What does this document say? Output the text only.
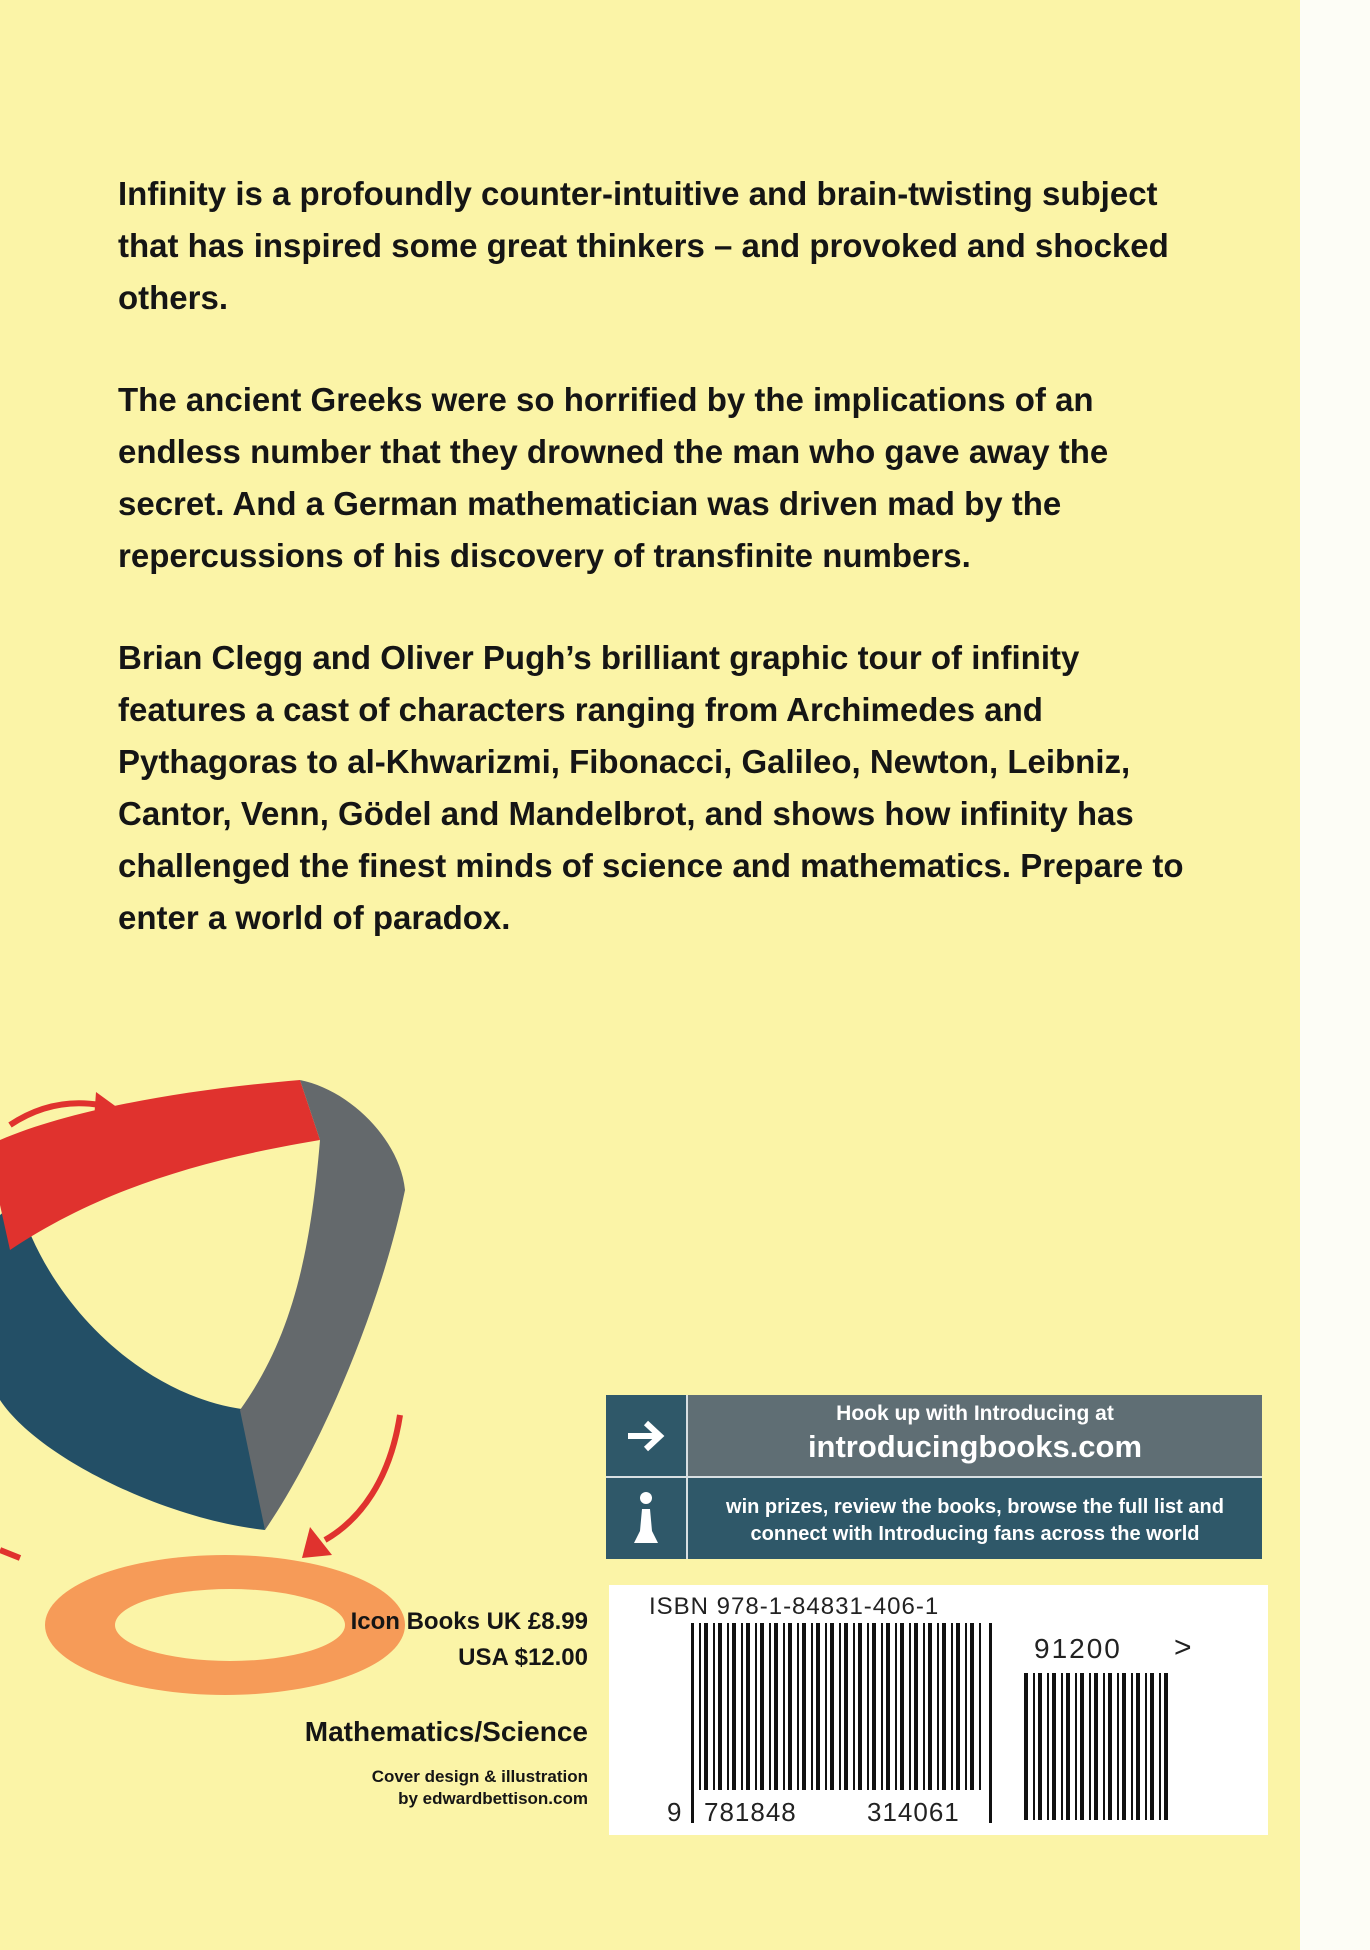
Infinity is a profoundly counter-intuitive and brain-twisting subject that has inspired some great thinkers – and provoked and shocked others.

The ancient Greeks were so horrified by the implications of an endless number that they drowned the man who gave away the secret. And a German mathematician was driven mad by the repercussions of his discovery of transfinite numbers.

Brian Clegg and Oliver Pugh’s brilliant graphic tour of infinity features a cast of characters ranging from Archimedes and Pythagoras to al-Khwarizmi, Fibonacci, Galileo, Newton, Leibniz, Cantor, Venn, Gödel and Mandelbrot, and shows how infinity has challenged the finest minds of science and mathematics. Prepare to enter a world of paradox.

Hook up with Introducing at
introducingbooks.com
win prizes, review the books, browse the full list and
connect with Introducing fans across the world
Icon Books UK £8.99
USA $12.00
Mathematics/Science
Cover design & illustration
by edwardbettison.com
ISBN 978-1-84831-406-1
91200 >
9 781848	314061
